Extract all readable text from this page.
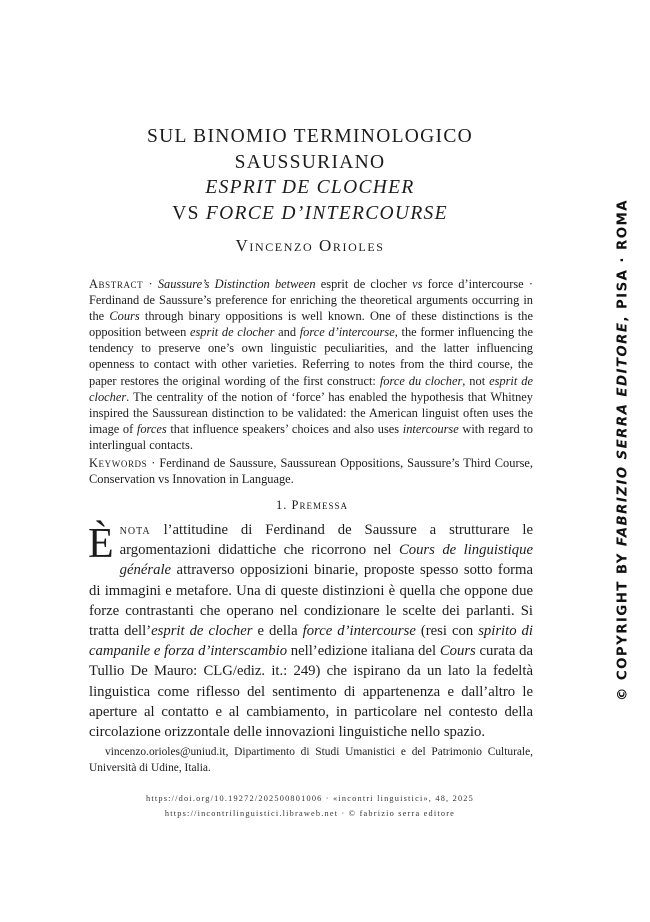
SUL BINOMIO TERMINOLOGICO
SAUSSURIANO
ESPRIT DE CLOCHER
VS FORCE D’INTERCOURSE
Vincenzo Orioles

Abstract · Saussure’s Distinction between esprit de clocher vs force d’intercourse · Ferdinand de Saussure’s preference for enriching the theoretical arguments occurring in the Cours through binary oppositions is well known. One of these distinctions is the opposition between esprit de clocher and force d’intercourse, the former influencing the tendency to preserve one’s own linguistic peculiarities, and the latter influencing openness to contact with other varieties. Referring to notes from the third course, the paper restores the original wording of the first construct: force du clocher, not esprit de clocher. The centrality of the notion of ‘force’ has enabled the hypothesis that Whitney inspired the Saussurean distinction to be validated: the American linguist often uses the image of forces that influence speakers’ choices and also uses intercourse with regard to interlingual contacts.

Keywords · Ferdinand de Saussure, Saussurean Oppositions, Saussure’s Third Course, Conservation vs Innovation in Language.

1. Premessa

Ènota l’attitudine di Ferdinand de Saussure a strutturare le argomentazioni didattiche che ricorrono nel Cours de linguistique générale attraverso opposizioni binarie, proposte spesso sotto forma di immagini e metafore. Una di queste distinzioni è quella che oppone due forze contrastanti che operano nel condizionare le scelte dei parlanti. Si tratta dell’esprit de clocher e della force d’intercourse (resi con spirito di campanile e forza d’interscambio nell’edizione italiana del Cours curata da Tullio De Mauro: CLG/ediz. it.: 249) che ispirano da un lato la fedeltà linguistica come riflesso del sentimento di appartenenza e dall’altro le aperture al contatto e al cambiamento, in particolare nel contesto della circolazione orizzontale delle innovazioni linguistiche nello spazio.

vincenzo.orioles@uniud.it, Dipartimento di Studi Umanistici e del Patrimonio Culturale, Università di Udine, Italia.

https://doi.org/10.19272/202500801006 · «incontri linguistici», 48, 2025
https://incontrilinguistici.libraweb.net · © fabrizio serra editore
© COPYRIGHT BY FABRIZIO SERRA EDITORE, PISA · ROMA
